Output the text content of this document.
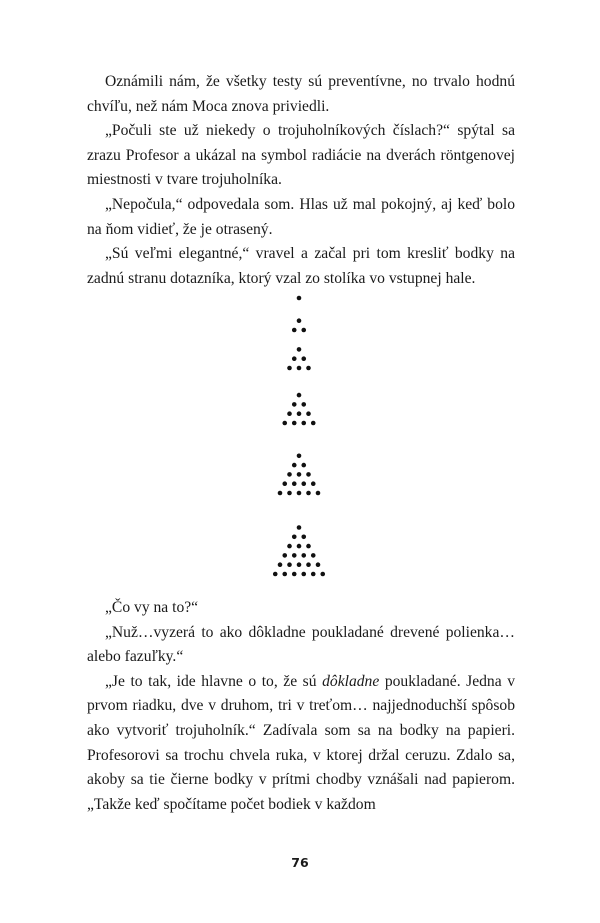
Oznámili nám, že všetky testy sú preventívne, no trvalo hodnú chvíľu, než nám Moca znova priviedli.

„Počuli ste už niekedy o trojuholníkových číslach?“ spýtal sa zrazu Profesor a ukázal na symbol radiácie na dverách röntgenovej miestnosti v tvare trojuholníka.

„Nepočula,“ odpovedala som. Hlas už mal pokojný, aj keď bolo na ňom vidieť, že je otrasený.

„Sú veľmi elegantné,“ vravel a začal pri tom kresliť bodky na zadnú stranu dotazníka, ktorý vzal zo stolíka vo vstupnej hale.

„Čo vy na to?“

„Nuž…vyzerá to ako dôkladne poukladané drevené polienka… alebo fazuľky.“

„Je to tak, ide hlavne o to, že sú dôkladne poukladané. Jedna v prvom riadku, dve v druhom, tri v treťom… najjednoduchší spôsob ako vytvoriť trojuholník.“ Zadívala som sa na bodky na papieri. Profesorovi sa trochu chvela ruka, v ktorej držal ceruzu. Zdalo sa, akoby sa tie čierne bodky v prítmi chodby vznášali nad papierom. „Takže keď spočítame počet bodiek v každom

76
